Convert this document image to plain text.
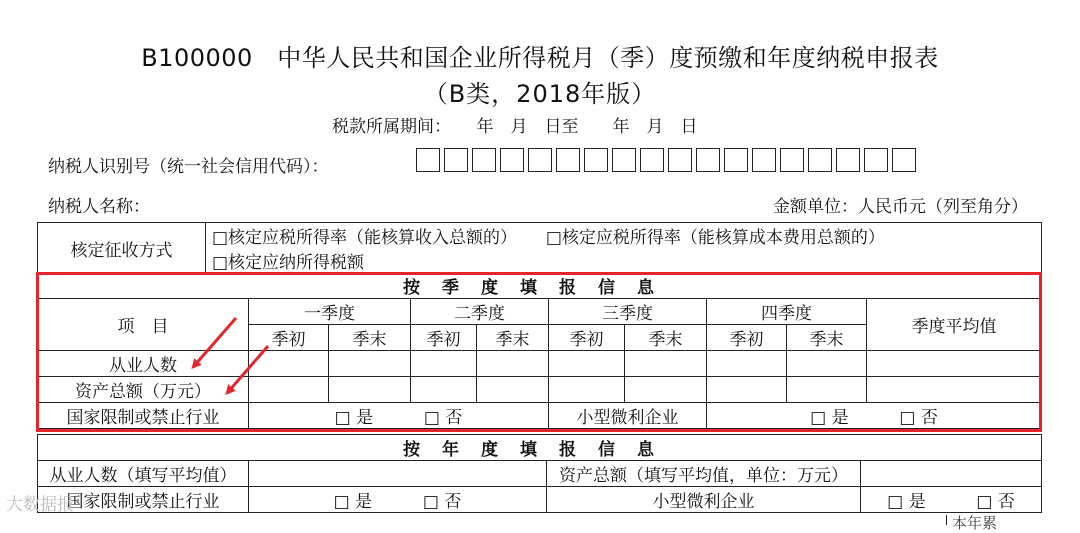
B100000　中华人民共和国企业所得税月（季）度预缴和年度纳税申报表
（B类，2018年版）
税款所属期间：　　年　月　日至　　年　月　日
纳税人识别号（统一社会信用代码）：
纳税人名称：	金额单位：人民币元（列至角分）
核定征收方式	□核定应税所得率（能核算收入总额的） □核定应税所得率（能核算成本费用总额的）
□核定应纳所得税额
按季度填报信息									
项　目	一季度		二季度		三季度		四季度		季度平均值
	季初	季末	季初	季末	季初	季末	季初	季末	
从业人数									
资产总额（万元）									
国家限制或禁止行业	□ 是 □ 否				小型微利企业		□ 是 □ 否		
按年度填报信息			
从业人数（填写平均值）		资产总额（填写平均值，单位：万元）	
国家限制或禁止行业	□ 是 □ 否	小型微利企业	□ 是 □ 否
大数据报
本年累
